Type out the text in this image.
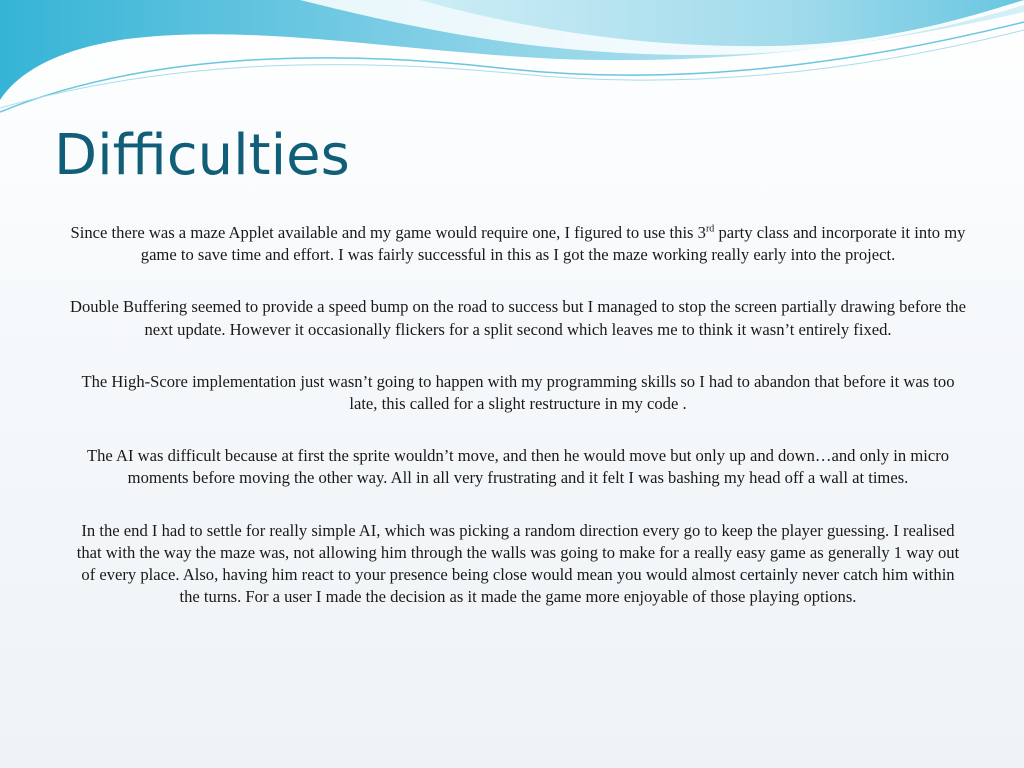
Difficulties

Since there was a maze Applet available and my game would require one, I figured to use this 3rd party class and incorporate it into my game to save time and effort. I was fairly successful in this as I got the maze working really early into the project.

Double Buffering seemed to provide a speed bump on the road to success but I managed to stop the screen partially drawing before the next update. However it occasionally flickers for a split second which leaves me to think it wasn’t entirely fixed.

The High-Score implementation just wasn’t going to happen with my programming skills so I had to abandon that before it was too late, this called for a slight restructure in my code .

The AI was difficult because at first the sprite wouldn’t move, and then he would move but only up and down…and only in micro moments before moving the other way. All in all very frustrating and it felt I was bashing my head off a wall at times.

In the end I had to settle for really simple AI, which was picking a random direction every go to keep the player guessing. I realised that with the way the maze was, not allowing him through the walls was going to make for a really easy game as generally 1 way out of every place. Also, having him react to your presence being close would mean you would almost certainly never catch him within the turns. For a user I made the decision as it made the game more enjoyable of those playing options.
